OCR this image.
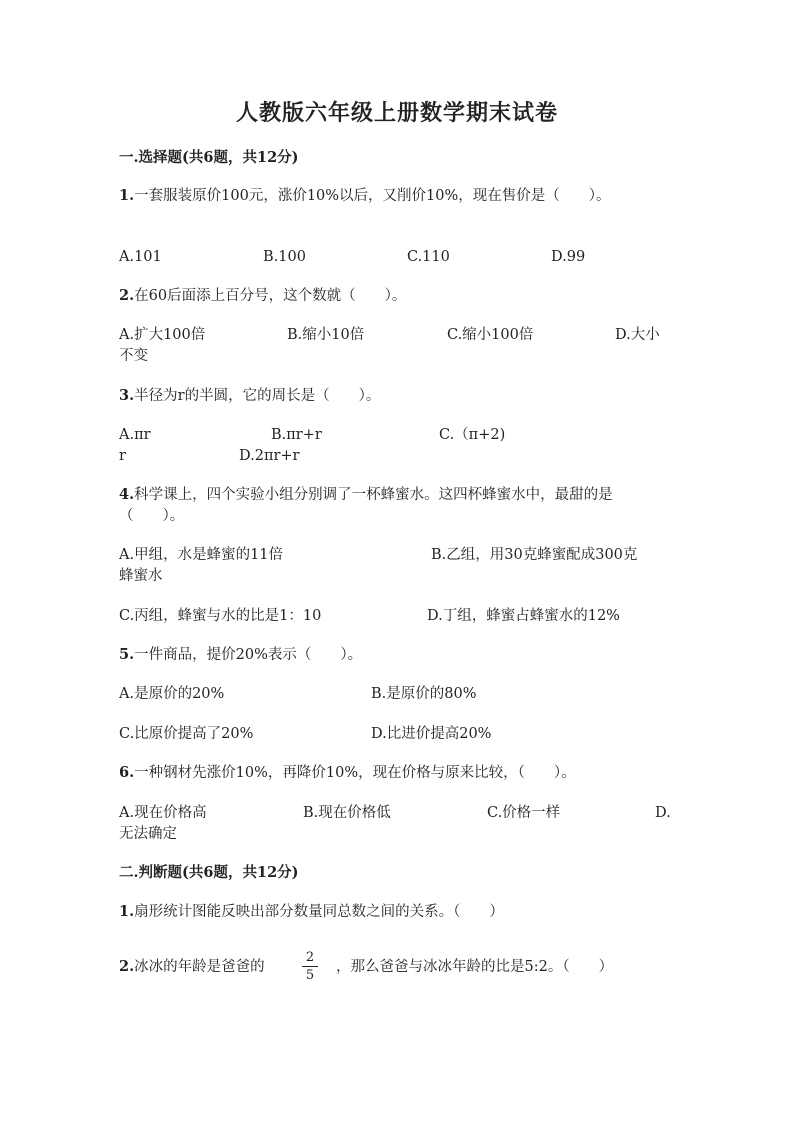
人教版六年级上册数学期末试卷
一.选择题(共6题，共12分)
1.一套服装原价100元，涨价10%以后，又削价10%，现在售价是（　　）。
A.101	B.100	C.110	D.99
2.在60后面添上百分号，这个数就（　　）。
A.扩大100倍	B.缩小10倍	C.缩小100倍	D.大小
不变
3.半径为r的半圆，它的周长是（　　）。
A.πr	B.πr+r	C.（π+2)
r	D.2πr+r
4.科学课上，四个实验小组分别调了一杯蜂蜜水。这四杯蜂蜜水中，最甜的是
（　　）。
A.甲组，水是蜂蜜的11倍	B.乙组，用30克蜂蜜配成300克
蜂蜜水
C.丙组，蜂蜜与水的比是1：10	D.丁组，蜂蜜占蜂蜜水的12%
5.一件商品，提价20%表示（　　）。
A.是原价的20%	B.是原价的80%
C.比原价提高了20%	D.比进价提高20%
6.一种钢材先涨价10%，再降价10%，现在价格与原来比较，（　　）。
A.现在价格高	B.现在价格低	C.价格一样	D.
无法确定
二.判断题(共6题，共12分)
1.扇形统计图能反映出部分数量同总数之间的关系。（　　）
2.冰冰的年龄是爸爸的
2
5
，那么爸爸与冰冰年龄的比是5:2。（　　）
